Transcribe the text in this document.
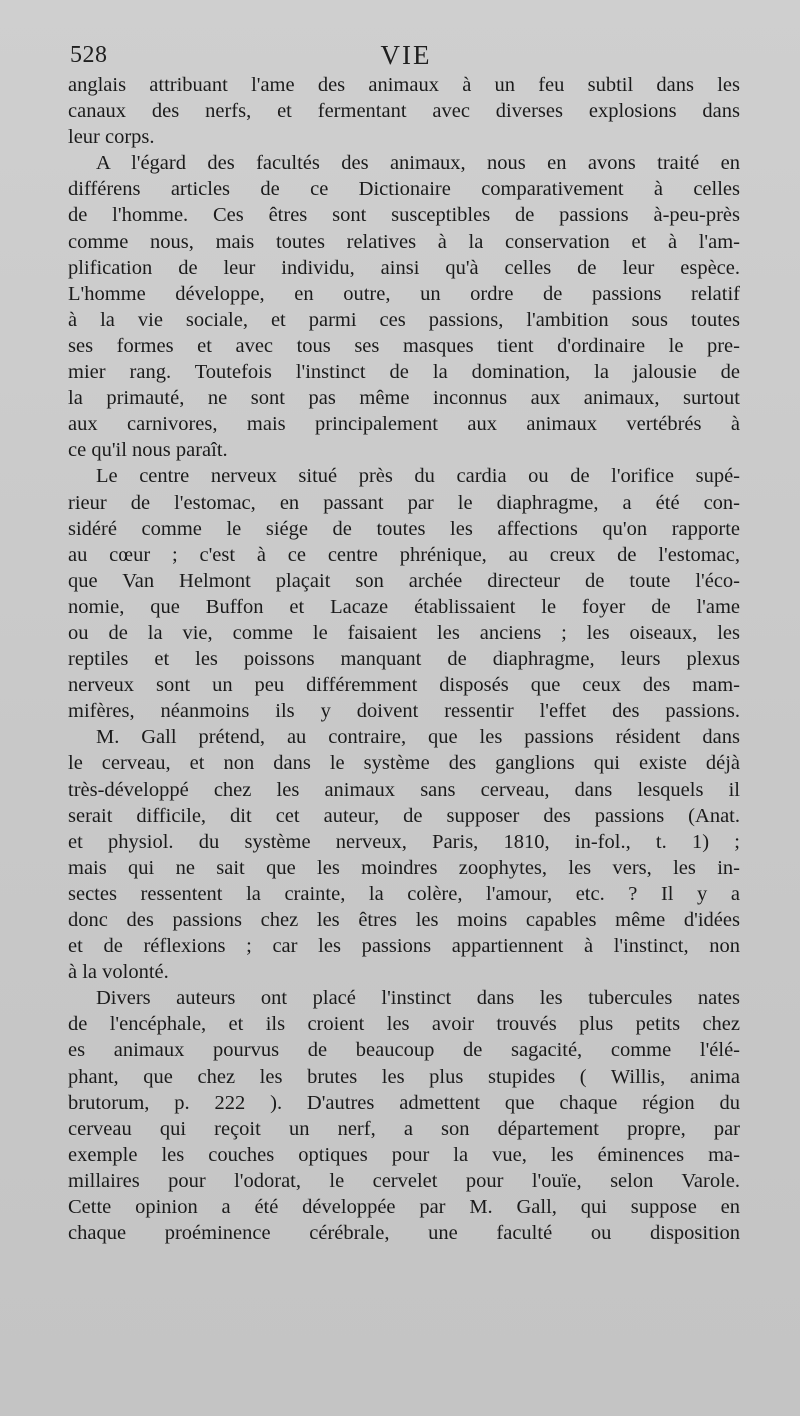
528	VIE
anglais attribuant l'ame des animaux à un feu subtil dans les
canaux des nerfs, et fermentant avec diverses explosions dans
leur corps.
A l'égard des facultés des animaux, nous en avons traité en
différens articles de ce Dictionaire comparativement à celles
de l'homme. Ces êtres sont susceptibles de passions à-peu-près
comme nous, mais toutes relatives à la conservation et à l'am-
plification de leur individu, ainsi qu'à celles de leur espèce.
L'homme développe, en outre, un ordre de passions relatif
à la vie sociale, et parmi ces passions, l'ambition sous toutes
ses formes et avec tous ses masques tient d'ordinaire le pre-
mier rang. Toutefois l'instinct de la domination, la jalousie de
la primauté, ne sont pas même inconnus aux animaux, surtout
aux carnivores, mais principalement aux animaux vertébrés à
ce qu'il nous paraît.
Le centre nerveux situé près du cardia ou de l'orifice supé-
rieur de l'estomac, en passant par le diaphragme, a été con-
sidéré comme le siége de toutes les affections qu'on rapporte
au cœur ; c'est à ce centre phrénique, au creux de l'estomac,
que Van Helmont plaçait son archée directeur de toute l'éco-
nomie, que Buffon et Lacaze établissaient le foyer de l'ame
ou de la vie, comme le faisaient les anciens ; les oiseaux, les
reptiles et les poissons manquant de diaphragme, leurs plexus
nerveux sont un peu différemment disposés que ceux des mam-
mifères, néanmoins ils y doivent ressentir l'effet des passions.
M. Gall prétend, au contraire, que les passions résident dans
le cerveau, et non dans le système des ganglions qui existe déjà
très-développé chez les animaux sans cerveau, dans lesquels il
serait difficile, dit cet auteur, de supposer des passions (Anat.
et physiol. du système nerveux, Paris, 1810, in-fol., t. 1) ;
mais qui ne sait que les moindres zoophytes, les vers, les in-
sectes ressentent la crainte, la colère, l'amour, etc. ? Il y a
donc des passions chez les êtres les moins capables même d'idées
et de réflexions ; car les passions appartiennent à l'instinct, non
à la volonté.
Divers auteurs ont placé l'instinct dans les tubercules nates
de l'encéphale, et ils croient les avoir trouvés plus petits chez
es animaux pourvus de beaucoup de sagacité, comme l'élé-
phant, que chez les brutes les plus stupides ( Willis, anima
brutorum, p. 222 ). D'autres admettent que chaque région du
cerveau qui reçoit un nerf, a son département propre, par
exemple les couches optiques pour la vue, les éminences ma-
millaires pour l'odorat, le cervelet pour l'ouïe, selon Varole.
Cette opinion a été développée par M. Gall, qui suppose en
chaque proéminence cérébrale, une faculté ou disposition
